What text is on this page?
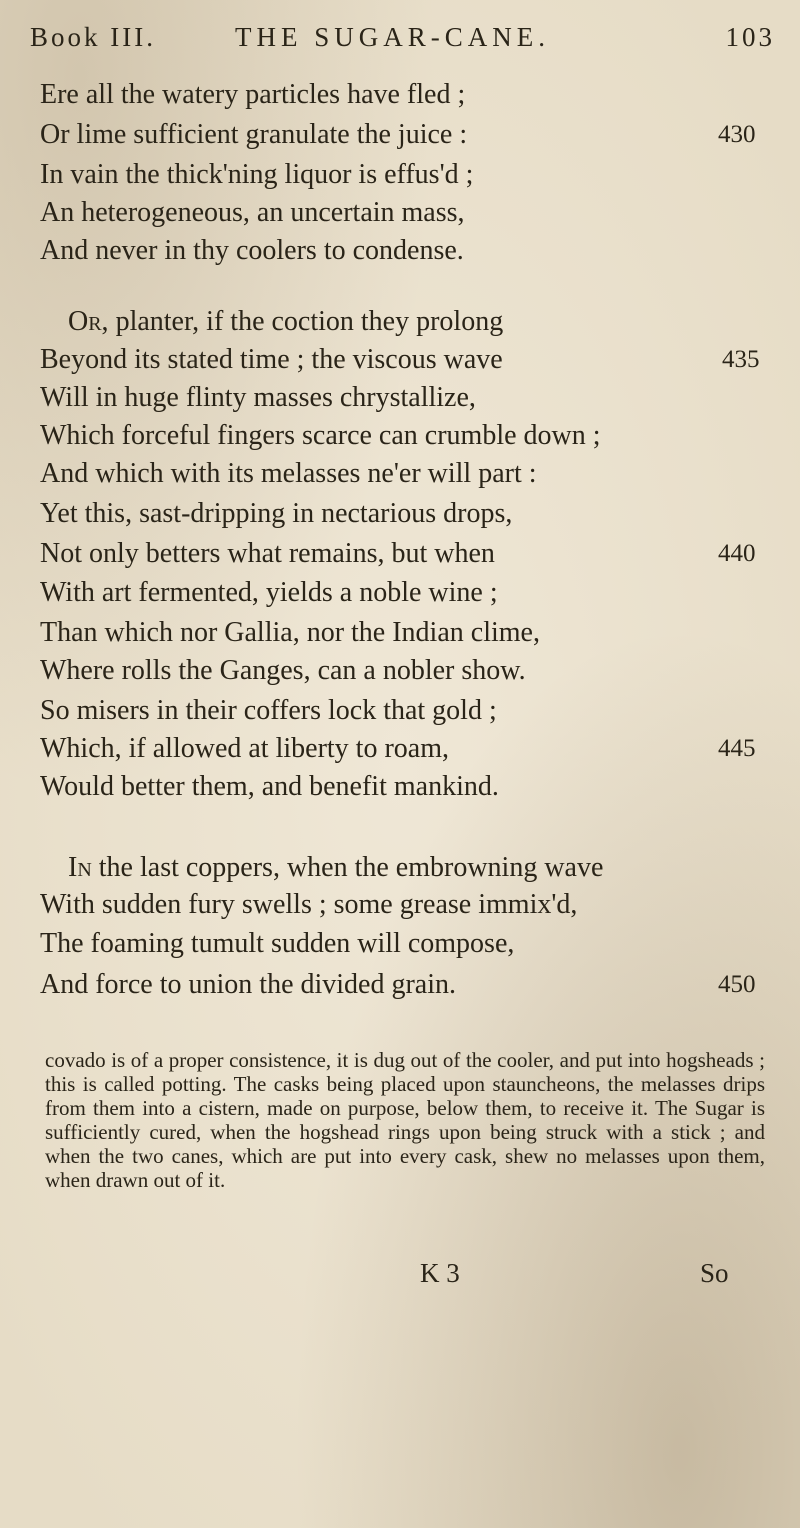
Book III.	THE SUGAR-CANE.	103
Ere all the watery particles have fled ;
Or lime sufficient granulate the juice :	430
In vain the thick'ning liquor is effus'd ;
An heterogeneous, an uncertain mass,
And never in thy coolers to condense.
Or, planter, if the coction they prolong
Beyond its stated time ; the viscous wave	435
Will in huge flinty masses chrystallize,
Which forceful fingers scarce can crumble down ;
And which with its melasses ne'er will part :
Yet this, sast-dripping in nectarious drops,
Not only betters what remains, but when	440
With art fermented, yields a noble wine ;
Than which nor Gallia, nor the Indian clime,
Where rolls the Ganges, can a nobler show.
So misers in their coffers lock that gold ;
Which, if allowed at liberty to roam,	445
Would better them, and benefit mankind.
In the last coppers, when the embrowning wave
With sudden fury swells ; some grease immix'd,
The foaming tumult sudden will compose,
And force to union the divided grain.	450

covado is of a proper consistence, it is dug out of the cooler, and put into hogsheads ; this is called potting. The casks being placed upon stauncheons, the melasses drips from them into a cistern, made on purpose, below them, to receive it. The Sugar is sufficiently cured, when the hogshead rings upon being struck with a stick ; and when the two canes, which are put into every cask, shew no melasses upon them, when drawn out of it.

K 3	So
